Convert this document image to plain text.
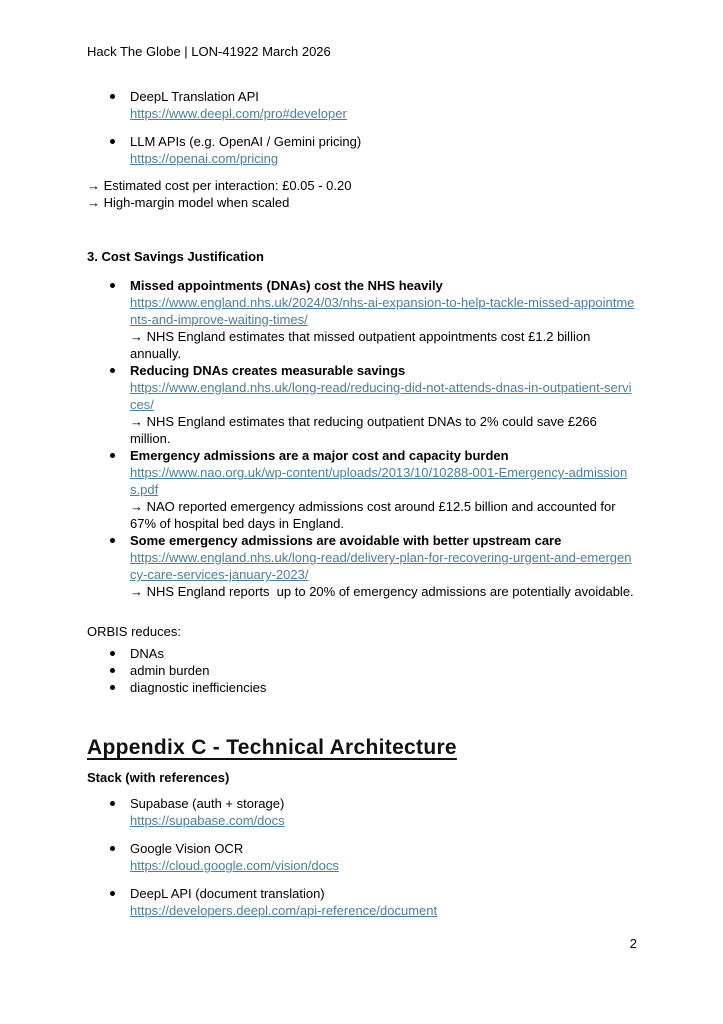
Hack The Globe | LON-41922 March 2026
DeepL Translation API
https://www.deepl.com/pro#developer
LLM APIs (e.g. OpenAI / Gemini pricing)
https://openai.com/pricing
→ Estimated cost per interaction: £0.05 - 0.20
→ High-margin model when scaled
3. Cost Savings Justification
Missed appointments (DNAs) cost the NHS heavily
https://www.england.nhs.uk/2024/03/nhs-ai-expansion-to-help-tackle-missed-appointments-and-improve-waiting-times/
→ NHS England estimates that missed outpatient appointments cost £1.2 billion annually.
Reducing DNAs creates measurable savings
https://www.england.nhs.uk/long-read/reducing-did-not-attends-dnas-in-outpatient-services/
→ NHS England estimates that reducing outpatient DNAs to 2% could save £266 million.
Emergency admissions are a major cost and capacity burden
https://www.nao.org.uk/wp-content/uploads/2013/10/10288-001-Emergency-admissions.pdf
→ NAO reported emergency admissions cost around £12.5 billion and accounted for 67% of hospital bed days in England.
Some emergency admissions are avoidable with better upstream care
https://www.england.nhs.uk/long-read/delivery-plan-for-recovering-urgent-and-emergency-care-services-january-2023/
→ NHS England reports  up to 20% of emergency admissions are potentially avoidable.
ORBIS reduces:
DNAs
admin burden
diagnostic inefficiencies
Appendix C - Technical Architecture
Stack (with references)
Supabase (auth + storage)
https://supabase.com/docs
Google Vision OCR
https://cloud.google.com/vision/docs
DeepL API (document translation)
https://developers.deepl.com/api-reference/document
2
